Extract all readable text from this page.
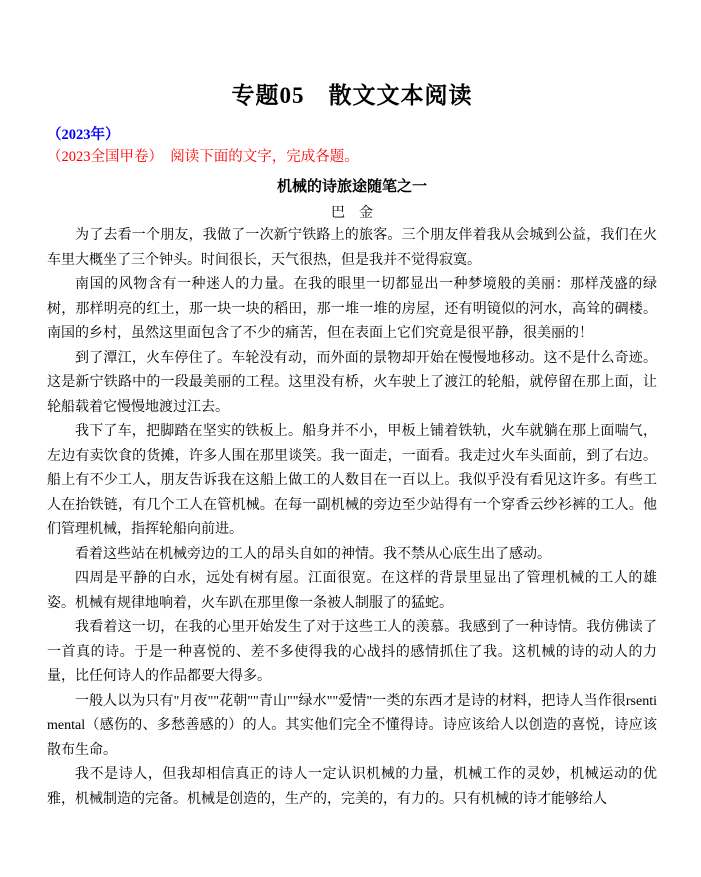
专题05　散文文本阅读
（2023年）
（2023全国甲卷） 阅读下面的文字，完成各题。
机械的诗旅途随笔之一
巴　金

为了去看一个朋友，我做了一次新宁铁路上的旅客。三个朋友伴着我从会城到公益，我们在火车里大概坐了三个钟头。时间很长，天气很热，但是我并不觉得寂寞。

南国的风物含有一种迷人的力量。在我的眼里一切都显出一种梦境般的美丽：那样茂盛的绿树，那样明亮的红土，那一块一块的稻田，那一堆一堆的房屋，还有明镜似的河水，高耸的碉楼。南国的乡村，虽然这里面包含了不少的痛苦，但在表面上它们究竟是很平静，很美丽的！

到了潭江，火车停住了。车轮没有动，而外面的景物却开始在慢慢地移动。这不是什么奇迹。这是新宁铁路中的一段最美丽的工程。这里没有桥，火车驶上了渡江的轮船，就停留在那上面，让轮船载着它慢慢地渡过江去。

我下了车，把脚踏在坚实的铁板上。船身并不小，甲板上铺着铁轨，火车就躺在那上面喘气，左边有卖饮食的货摊，许多人围在那里谈笑。我一面走，一面看。我走过火车头面前，到了右边。船上有不少工人，朋友告诉我在这船上做工的人数目在一百以上。我似乎没有看见这许多。有些工人在抬铁链，有几个工人在管机械。在每一副机械的旁边至少站得有一个穿香云纱衫裤的工人。他们管理机械，指挥轮船向前进。

看着这些站在机械旁边的工人的昂头自如的神情。我不禁从心底生出了感动。

四周是平静的白水，远处有树有屋。江面很宽。在这样的背景里显出了管理机械的工人的雄姿。机械有规律地响着，火车趴在那里像一条被人制服了的猛蛇。

我看着这一切，在我的心里开始发生了对于这些工人的羡慕。我感到了一种诗情。我仿佛读了一首真的诗。于是一种喜悦的、差不多使得我的心战抖的感情抓住了我。这机械的诗的动人的力量，比任何诗人的作品都要大得多。

一般人以为只有"月夜""花朝""青山""绿水""爱情"一类的东西才是诗的材料，把诗人当作很rsentimental（感伤的、多愁善感的）的人。其实他们完全不懂得诗。诗应该给人以创造的喜悦，诗应该散布生命。

我不是诗人，但我却相信真正的诗人一定认识机械的力量，机械工作的灵妙，机械运动的优雅，机械制造的完备。机械是创造的，生产的，完美的，有力的。只有机械的诗才能够给人
